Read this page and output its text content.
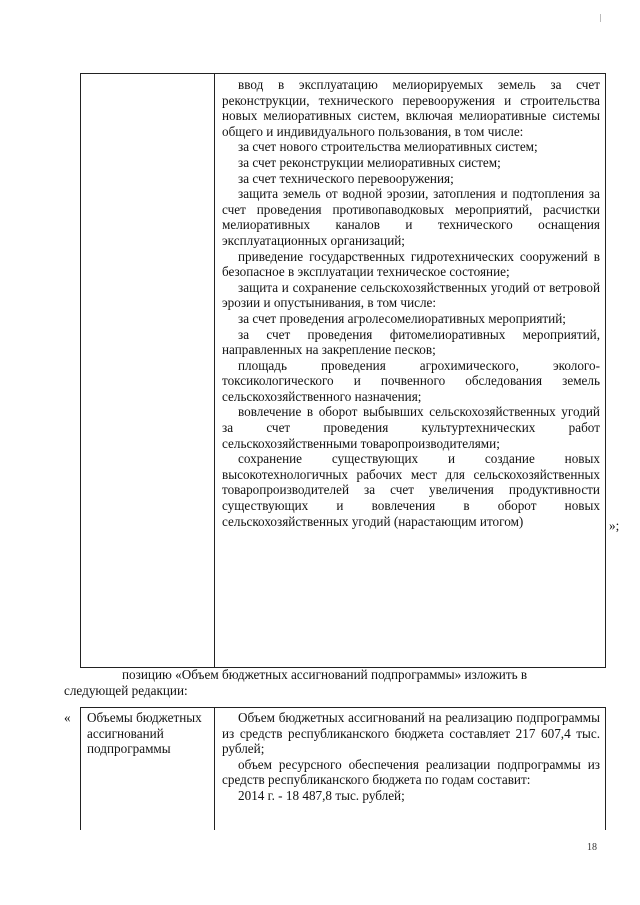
ввод в эксплуатацию мелиорируемых земель за счет реконструкции, технического перевооружения и строительства новых мелиоративных систем, включая мелиоративные системы общего и индивидуального пользования, в том числе:

за счет нового строительства мелиоративных систем;

за счет реконструкции мелиоративных систем;

за счет технического перевооружения;

защита земель от водной эрозии, затопления и подтопления за счет проведения противопаводковых мероприятий, расчистки мелиоративных каналов и технического оснащения эксплуатационных организаций;

приведение государственных гидротехнических сооружений в безопасное в эксплуатации техническое состояние;

защита и сохранение сельскохозяйственных угодий от ветровой эрозии и опустынивания, в том числе:

за счет проведения агролесомелиоративных мероприятий;

за счет проведения фитомелиоративных мероприятий, направленных на закрепление песков;

площадь проведения агрохимического, эколого-токсикологического и почвенного обследования земель сельскохозяйственного назначения;

вовлечение в оборот выбывших сельскохозяйственных угодий за счет проведения культуртехнических работ сельскохозяйственными товаропроизводителями;

сохранение существующих и создание новых высокотехнологичных рабочих мест для сельскохозяйственных товаропроизводителей за счет увеличения продуктивности существующих и вовлечения в оборот новых сельскохозяйственных угодий (нарастающим итогом)	»;

позицию «Объем бюджетных ассигнований подпрограммы» изложить в

следующей редакции:

« Объемы бюджетных ассигнований подпрограммы

Объем бюджетных ассигнований на реализацию подпрограммы из средств республиканского бюджета составляет 217 607,4 тыс. рублей;

объем ресурсного обеспечения реализации подпрограммы из средств республиканского бюджета по годам составит:

2014 г. - 18 487,8 тыс. рублей;

18
